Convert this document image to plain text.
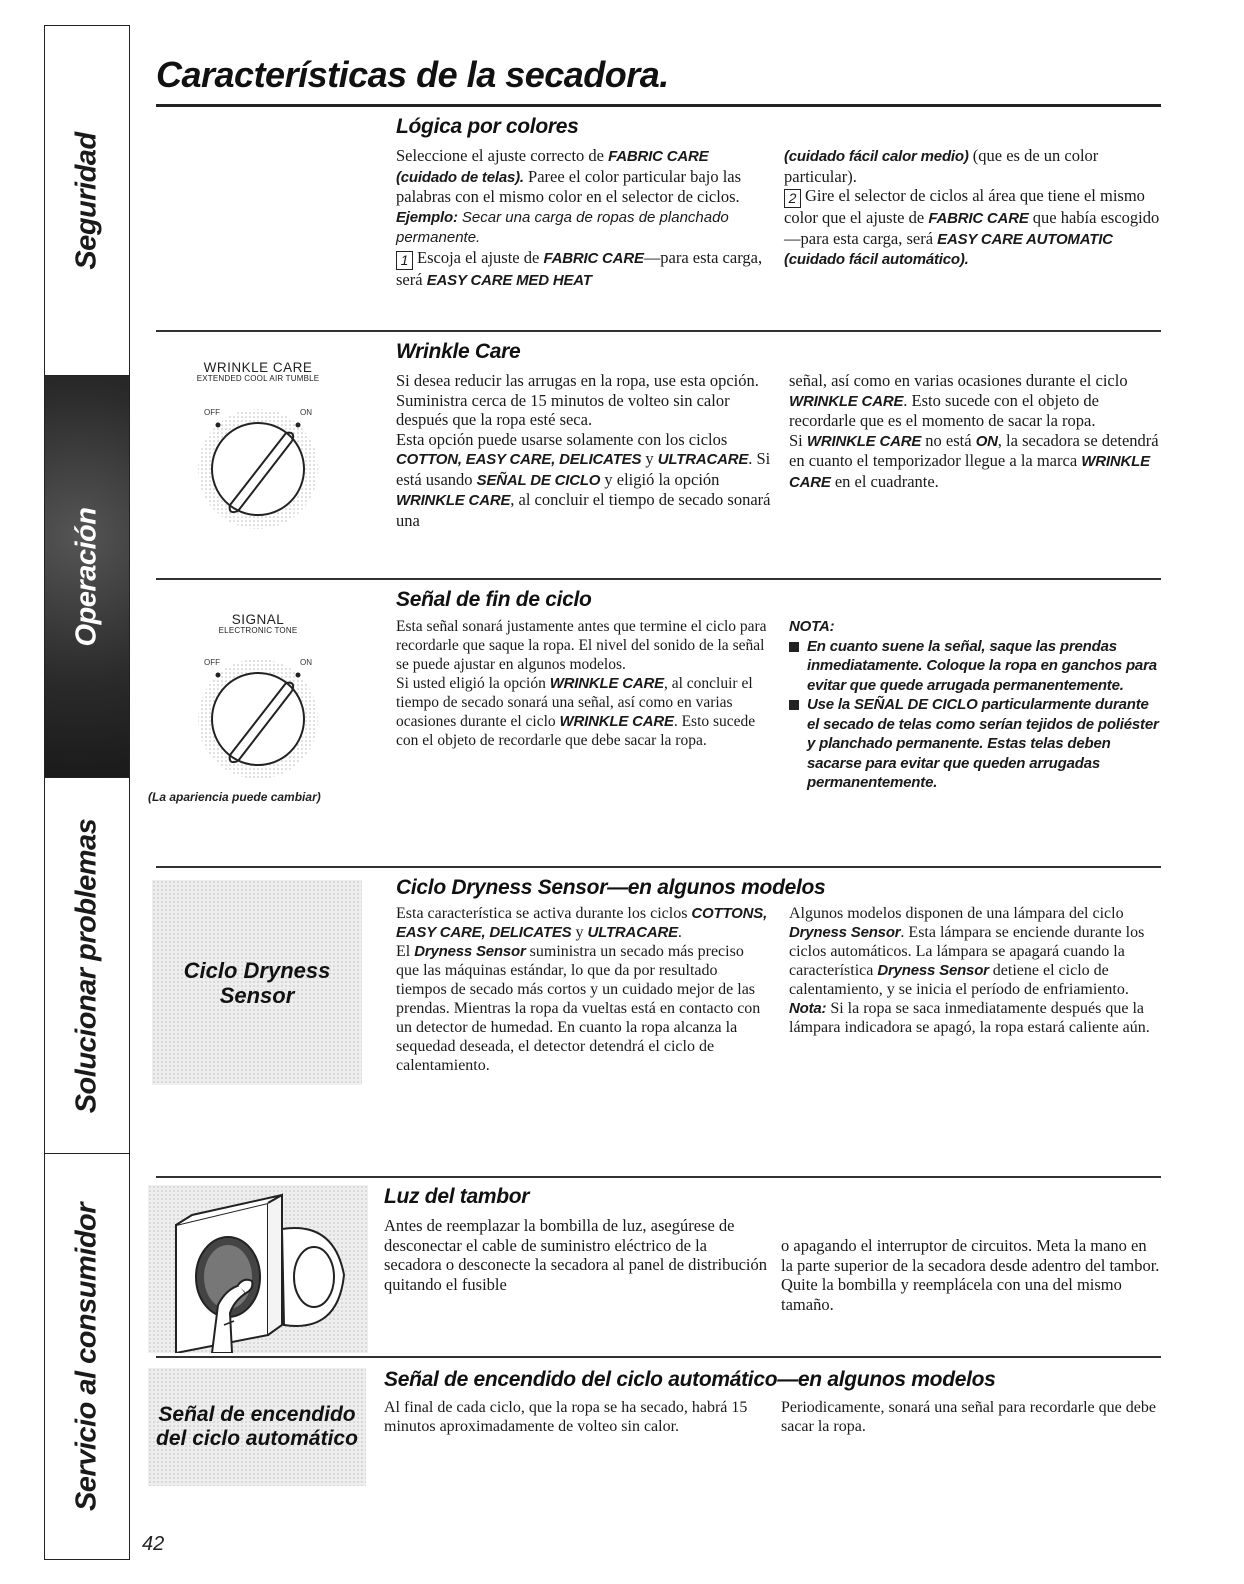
Seguridad
Operación
Solucionar problemas
Servicio al consumidor
Características de la secadora.
Lógica por colores

Seleccione el ajuste correcto de FABRIC CARE (cuidado de telas). Paree el color particular bajo las palabras con el mismo color en el selector de ciclos.

Ejemplo: Secar una carga de ropas de planchado permanente.

1 Escoja el ajuste de FABRIC CARE—para esta carga, será EASY CARE MED HEAT

(cuidado fácil calor medio) (que es de un color particular).

2 Gire el selector de ciclos al área que tiene el mismo color que el ajuste de FABRIC CARE que había escogido—para esta carga, será EASY CARE AUTOMATIC (cuidado fácil automático).

WRINKLE CARE
EXTENDED COOL AIR TUMBLE
OFF	ON
Wrinkle Care

Si desea reducir las arrugas en la ropa, use esta opción. Suministra cerca de 15 minutos de volteo sin calor después que la ropa esté seca.

Esta opción puede usarse solamente con los ciclos COTTON, EASY CARE, DELICATES y ULTRACARE. Si está usando SEÑAL DE CICLO y eligió la opción WRINKLE CARE, al concluir el tiempo de secado sonará una

señal, así como en varias ocasiones durante el ciclo WRINKLE CARE. Esto sucede con el objeto de recordarle que es el momento de sacar la ropa.

Si WRINKLE CARE no está ON, la secadora se detendrá en cuanto el temporizador llegue a la marca WRINKLE CARE en el cuadrante.

SIGNAL
ELECTRONIC TONE
OFF	ON
(La apariencia puede cambiar)
Señal de fin de ciclo

Esta señal sonará justamente antes que termine el ciclo para recordarle que saque la ropa. El nivel del sonido de la señal se puede ajustar en algunos modelos.

Si usted eligió la opción WRINKLE CARE, al concluir el tiempo de secado sonará una señal, así como en varias ocasiones durante el ciclo WRINKLE CARE. Esto sucede con el objeto de recordarle que debe sacar la ropa.

NOTA:

En cuanto suene la señal, saque las prendas inmediatamente. Coloque la ropa en ganchos para evitar que quede arrugada permanentemente.
Use la SEÑAL DE CICLO particularmente durante el secado de telas como serían tejidos de poliéster y planchado permanente. Estas telas deben sacarse para evitar que queden arrugadas permanentemente.
Ciclo Dryness Sensor
Ciclo Dryness Sensor—en algunos modelos

Esta característica se activa durante los ciclos COTTONS, EASY CARE, DELICATES y ULTRACARE.

El Dryness Sensor suministra un secado más preciso que las máquinas estándar, lo que da por resultado tiempos de secado más cortos y un cuidado mejor de las prendas. Mientras la ropa da vueltas está en contacto con un detector de humedad. En cuanto la ropa alcanza la sequedad deseada, el detector detendrá el ciclo de calentamiento.

Algunos modelos disponen de una lámpara del ciclo Dryness Sensor. Esta lámpara se enciende durante los ciclos automáticos. La lámpara se apagará cuando la característica Dryness Sensor detiene el ciclo de calentamiento, y se inicia el período de enfriamiento.

Nota: Si la ropa se saca inmediatamente después que la lámpara indicadora se apagó, la ropa estará caliente aún.

Luz del tambor

Antes de reemplazar la bombilla de luz, asegúrese de desconectar el cable de suministro eléctrico de la secadora o desconecte la secadora al panel de distribución quitando el fusible

o apagando el interruptor de circuitos. Meta la mano en la parte superior de la secadora desde adentro del tambor. Quite la bombilla y reemplácela con una del mismo tamaño.

Señal de encendido del ciclo automático
Señal de encendido del ciclo automático—en algunos modelos

Al final de cada ciclo, que la ropa se ha secado, habrá 15 minutos aproximadamente de volteo sin calor.

Periodicamente, sonará una señal para recordarle que debe sacar la ropa.

42
